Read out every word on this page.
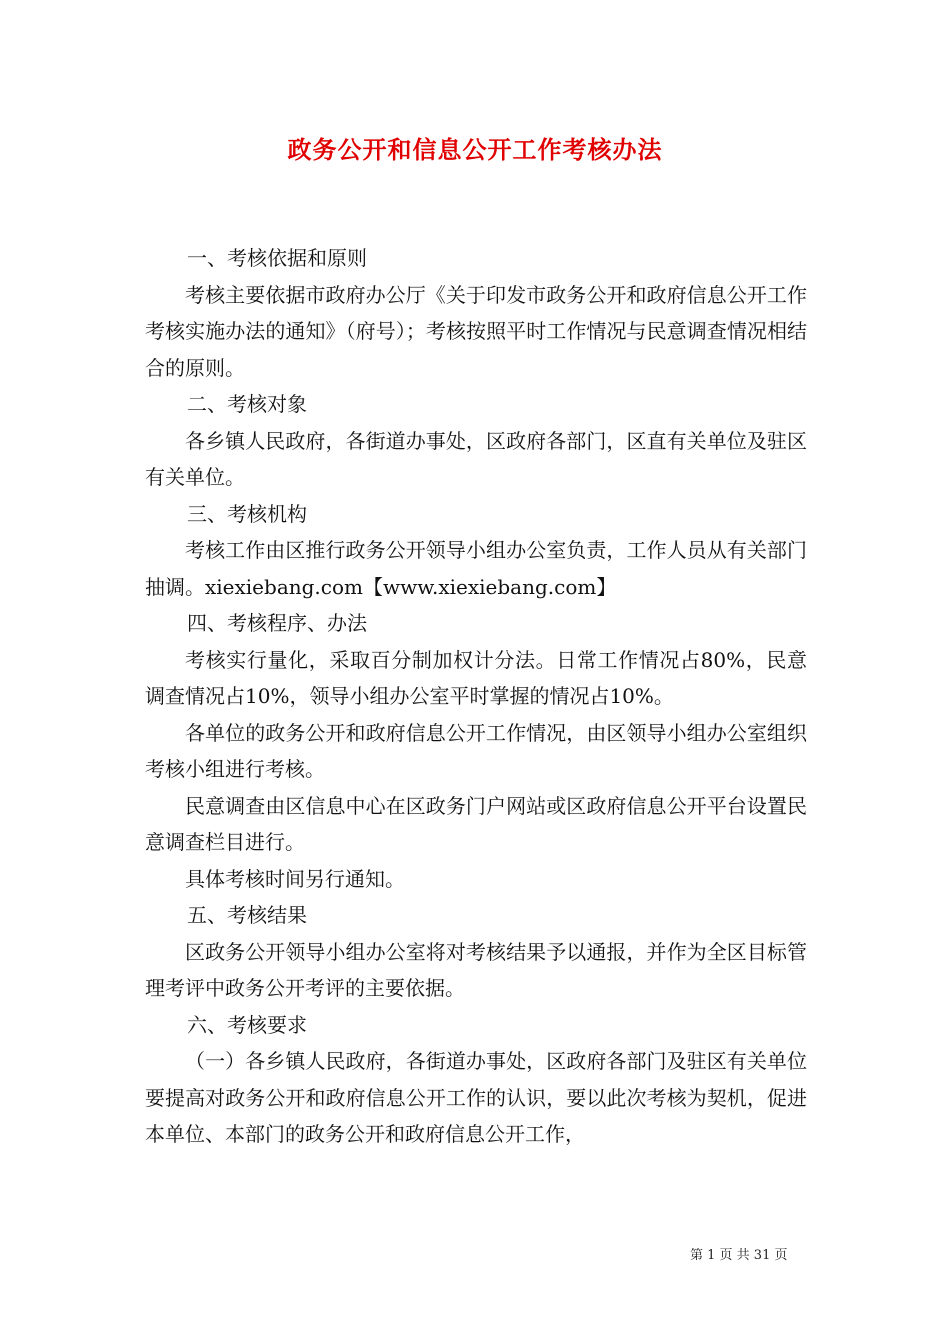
政务公开和信息公开工作考核办法

一、考核依据和原则

考核主要依据市政府办公厅《关于印发市政务公开和政府信息公开工作考核实施办法的通知》（府号）；考核按照平时工作情况与民意调查情况相结合的原则。

二、考核对象

各乡镇人民政府，各街道办事处，区政府各部门，区直有关单位及驻区有关单位。

三、考核机构

考核工作由区推行政务公开领导小组办公室负责，工作人员从有关部门抽调。xiexiebang.com【www.xiexiebang.com】

四、考核程序、办法

考核实行量化，采取百分制加权计分法。日常工作情况占80%，民意调查情况占10%，领导小组办公室平时掌握的情况占10%。

各单位的政务公开和政府信息公开工作情况，由区领导小组办公室组织考核小组进行考核。

民意调查由区信息中心在区政务门户网站或区政府信息公开平台设置民意调查栏目进行。

具体考核时间另行通知。

五、考核结果

区政务公开领导小组办公室将对考核结果予以通报，并作为全区目标管理考评中政务公开考评的主要依据。

六、考核要求

（一）各乡镇人民政府，各街道办事处，区政府各部门及驻区有关单位要提高对政务公开和政府信息公开工作的认识，要以此次考核为契机，促进本单位、本部门的政务公开和政府信息公开工作，

第 1 页 共 31 页
